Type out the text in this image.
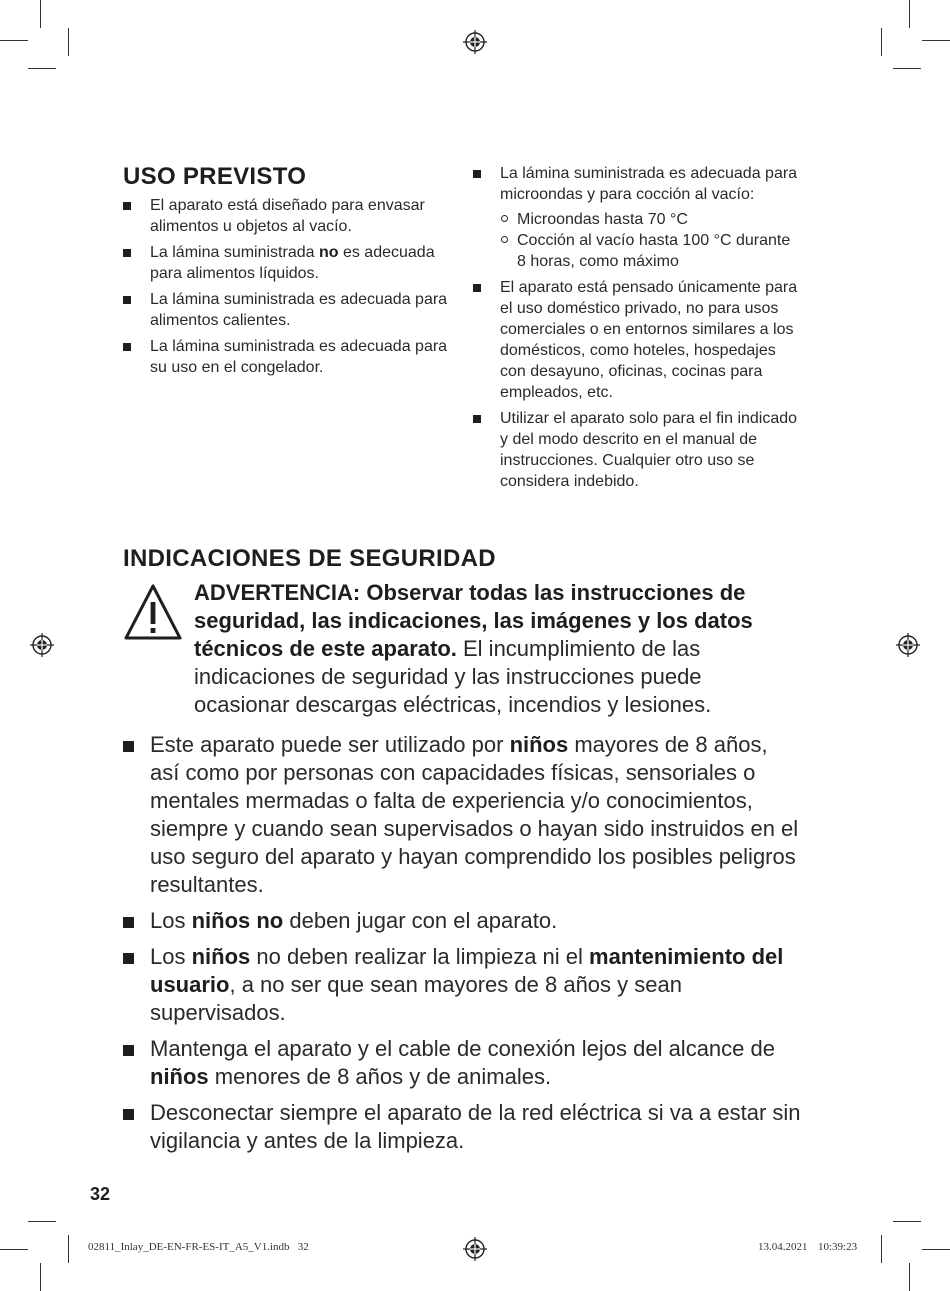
USO PREVISTO
El aparato está diseñado para envasar alimentos u objetos al vacío.
La lámina suministrada no es adecuada para alimentos líquidos.
La lámina suministrada es adecuada para alimentos calientes.
La lámina suministrada es adecuada para su uso en el congelador.
La lámina suministrada es adecuada para microondas y para cocción al vacío:
Microondas hasta 70 °C
Cocción al vacío hasta 100 °C durante 8 horas, como máximo
El aparato está pensado únicamente para el uso doméstico privado, no para usos comerciales o en entornos similares a los domésticos, como hoteles, hospedajes con desayuno, oficinas, cocinas para empleados, etc.
Utilizar el aparato solo para el fin indicado y del modo descrito en el manual de instrucciones. Cualquier otro uso se considera indebido.
INDICACIONES DE SEGURIDAD
ADVERTENCIA: Observar todas las instrucciones de seguridad, las indicaciones, las imágenes y los datos técnicos de este aparato. El incumplimiento de las indicaciones de seguridad y las instrucciones puede ocasionar descargas eléctricas, incendios y lesiones.
Este aparato puede ser utilizado por niños mayores de 8 años, así como por personas con capacidades físicas, sensoriales o mentales mermadas o falta de experiencia y/o conocimientos, siempre y cuando sean supervisados o hayan sido instruidos en el uso seguro del aparato y hayan comprendido los posibles peligros resultantes.
Los niños no deben jugar con el aparato.
Los niños no deben realizar la limpieza ni el mantenimiento del usuario, a no ser que sean mayores de 8 años y sean supervisados.
Mantenga el aparato y el cable de conexión lejos del alcance de niños menores de 8 años y de animales.
Desconectar siempre el aparato de la red eléctrica si va a estar sin vigilancia y antes de la limpieza.
32
02811_Inlay_DE-EN-FR-ES-IT_A5_V1.indb   32	13.04.2021 10:39:23
